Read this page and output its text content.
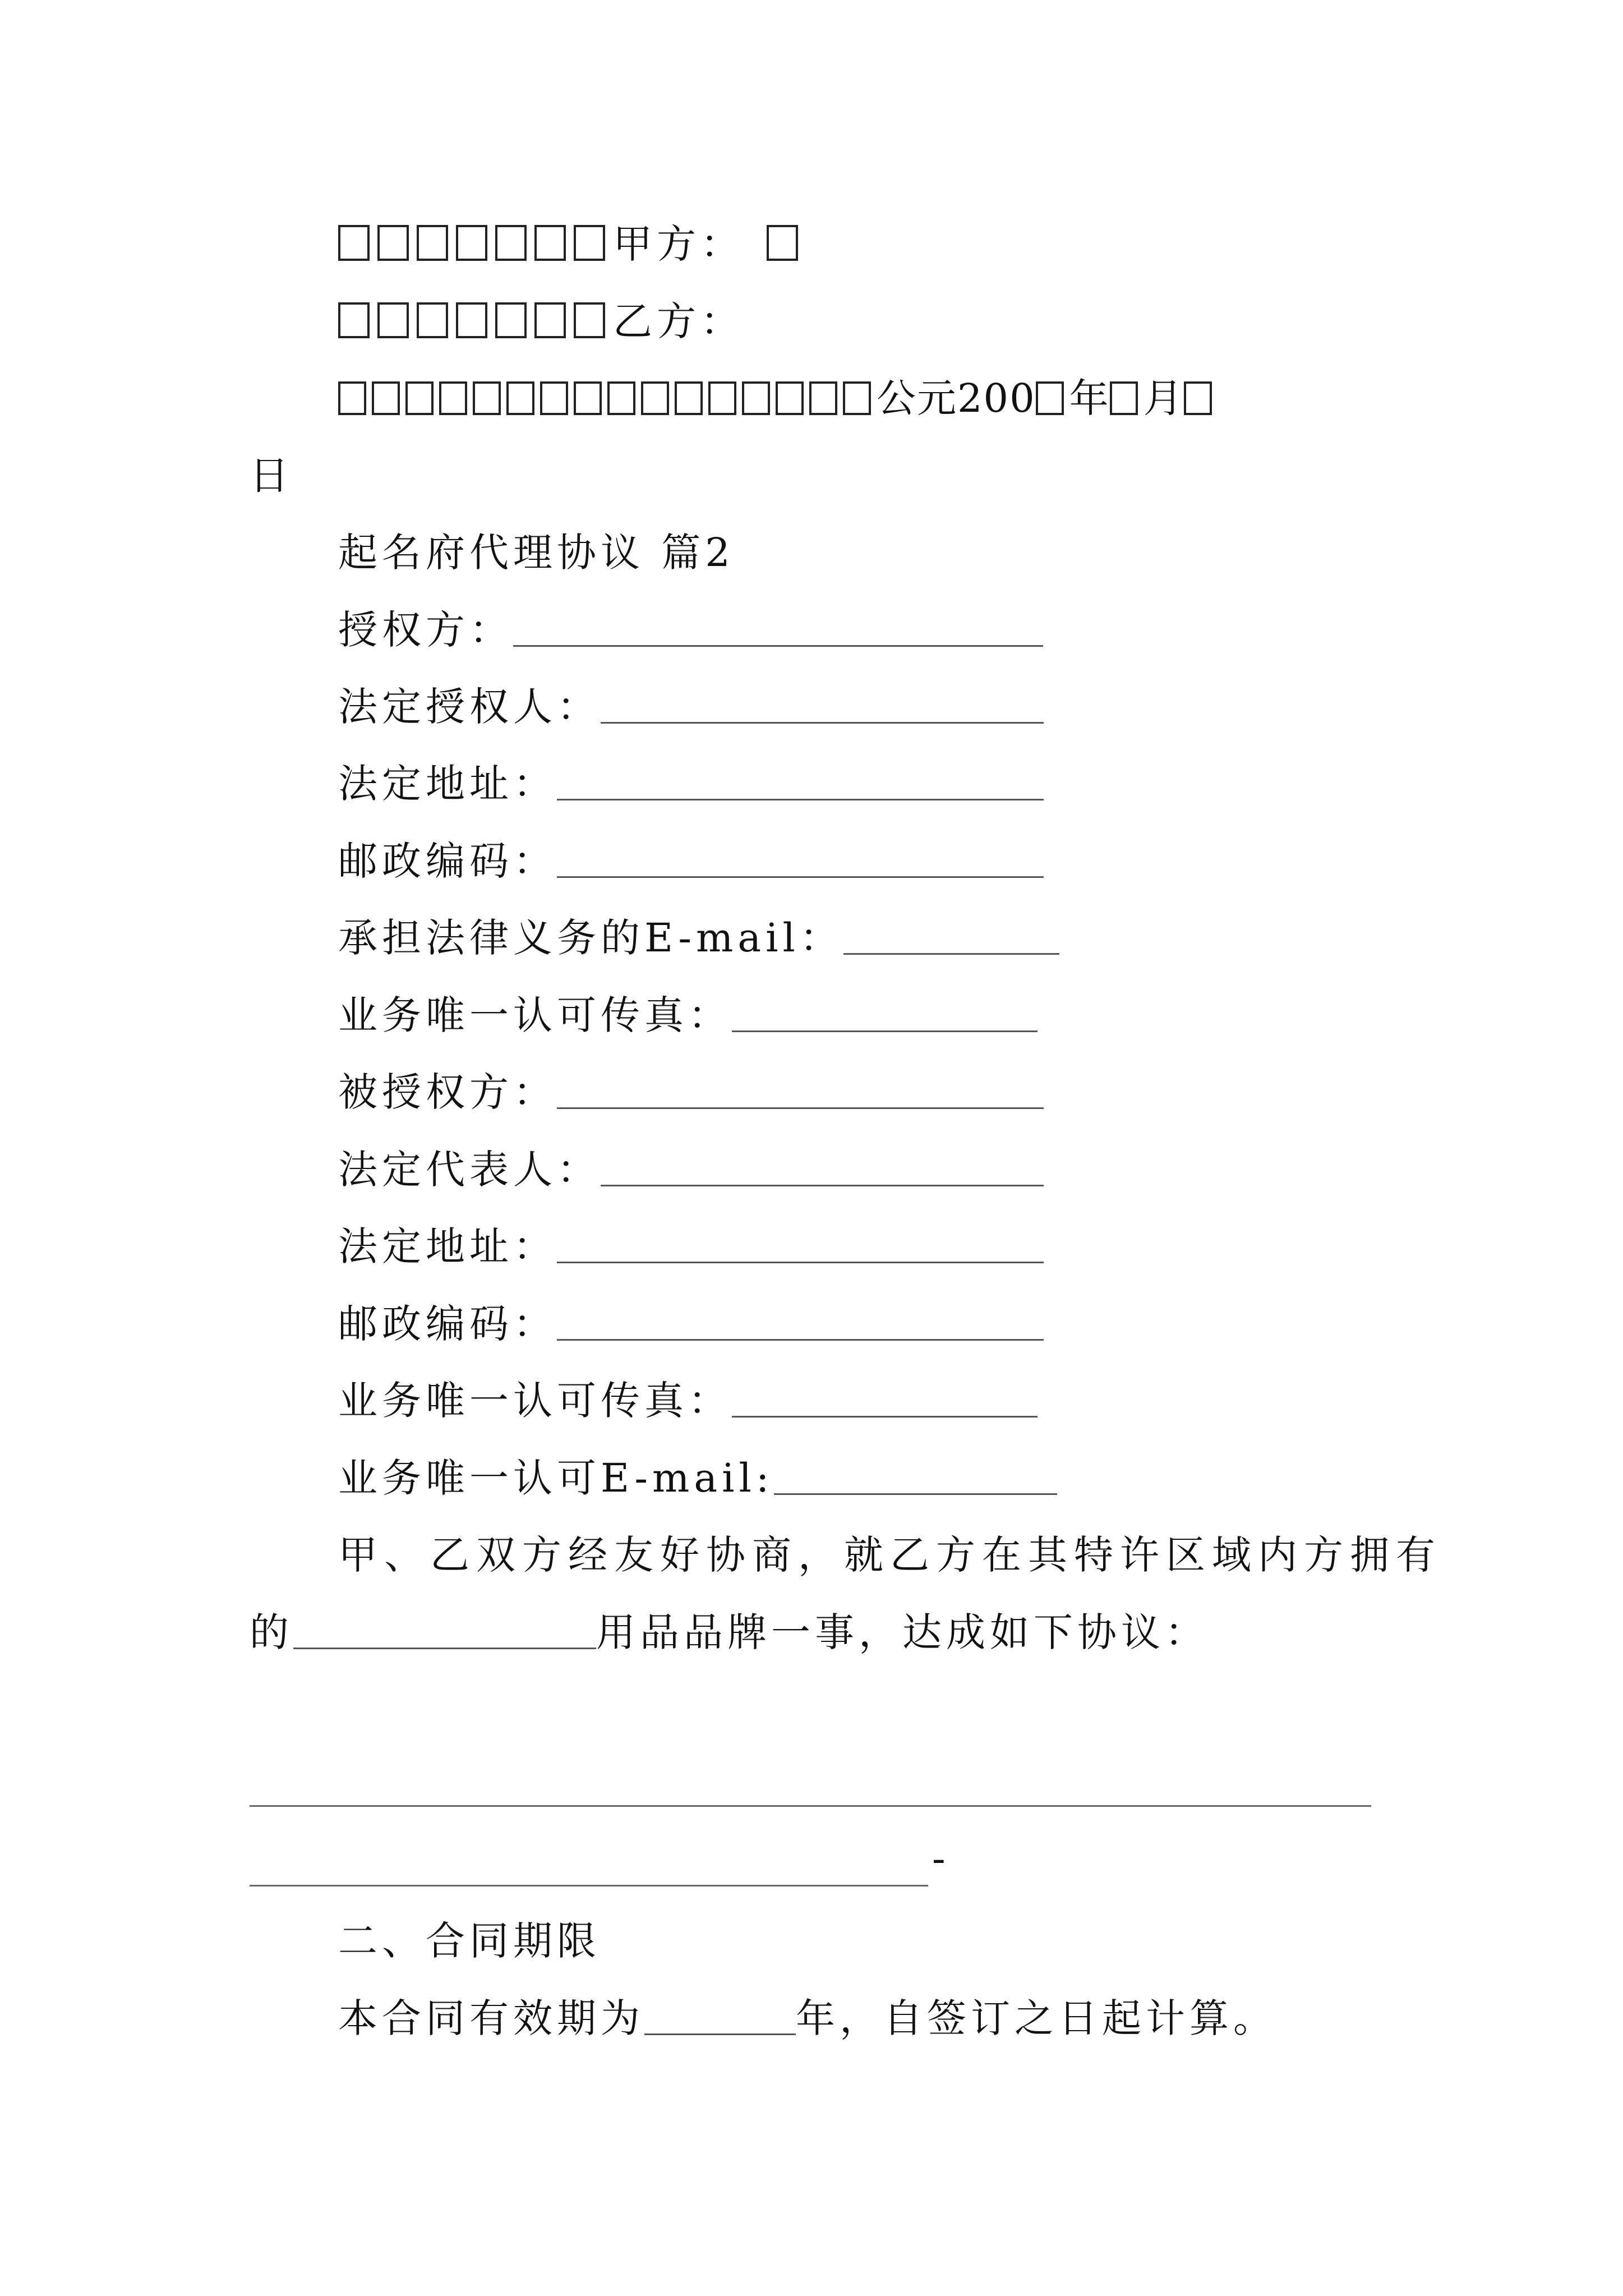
甲方：
乙方：
公元200 年 月
日
起名府代理协议 篇2
授权方：
法定授权人：
法定地址：
邮政编码：
承担法律义务的E-mail：
业务唯一认可传真：
被授权方：
法定代表人：
法定地址：
邮政编码：
业务唯一认可传真：
业务唯一认可E-mail:
甲、乙双方经友好协商，就乙方在其特许区域内方拥有
的	用品品牌一事，达成如下协议：
-
二、合同期限
本合同有效期为	年，自签订之日起计算。
